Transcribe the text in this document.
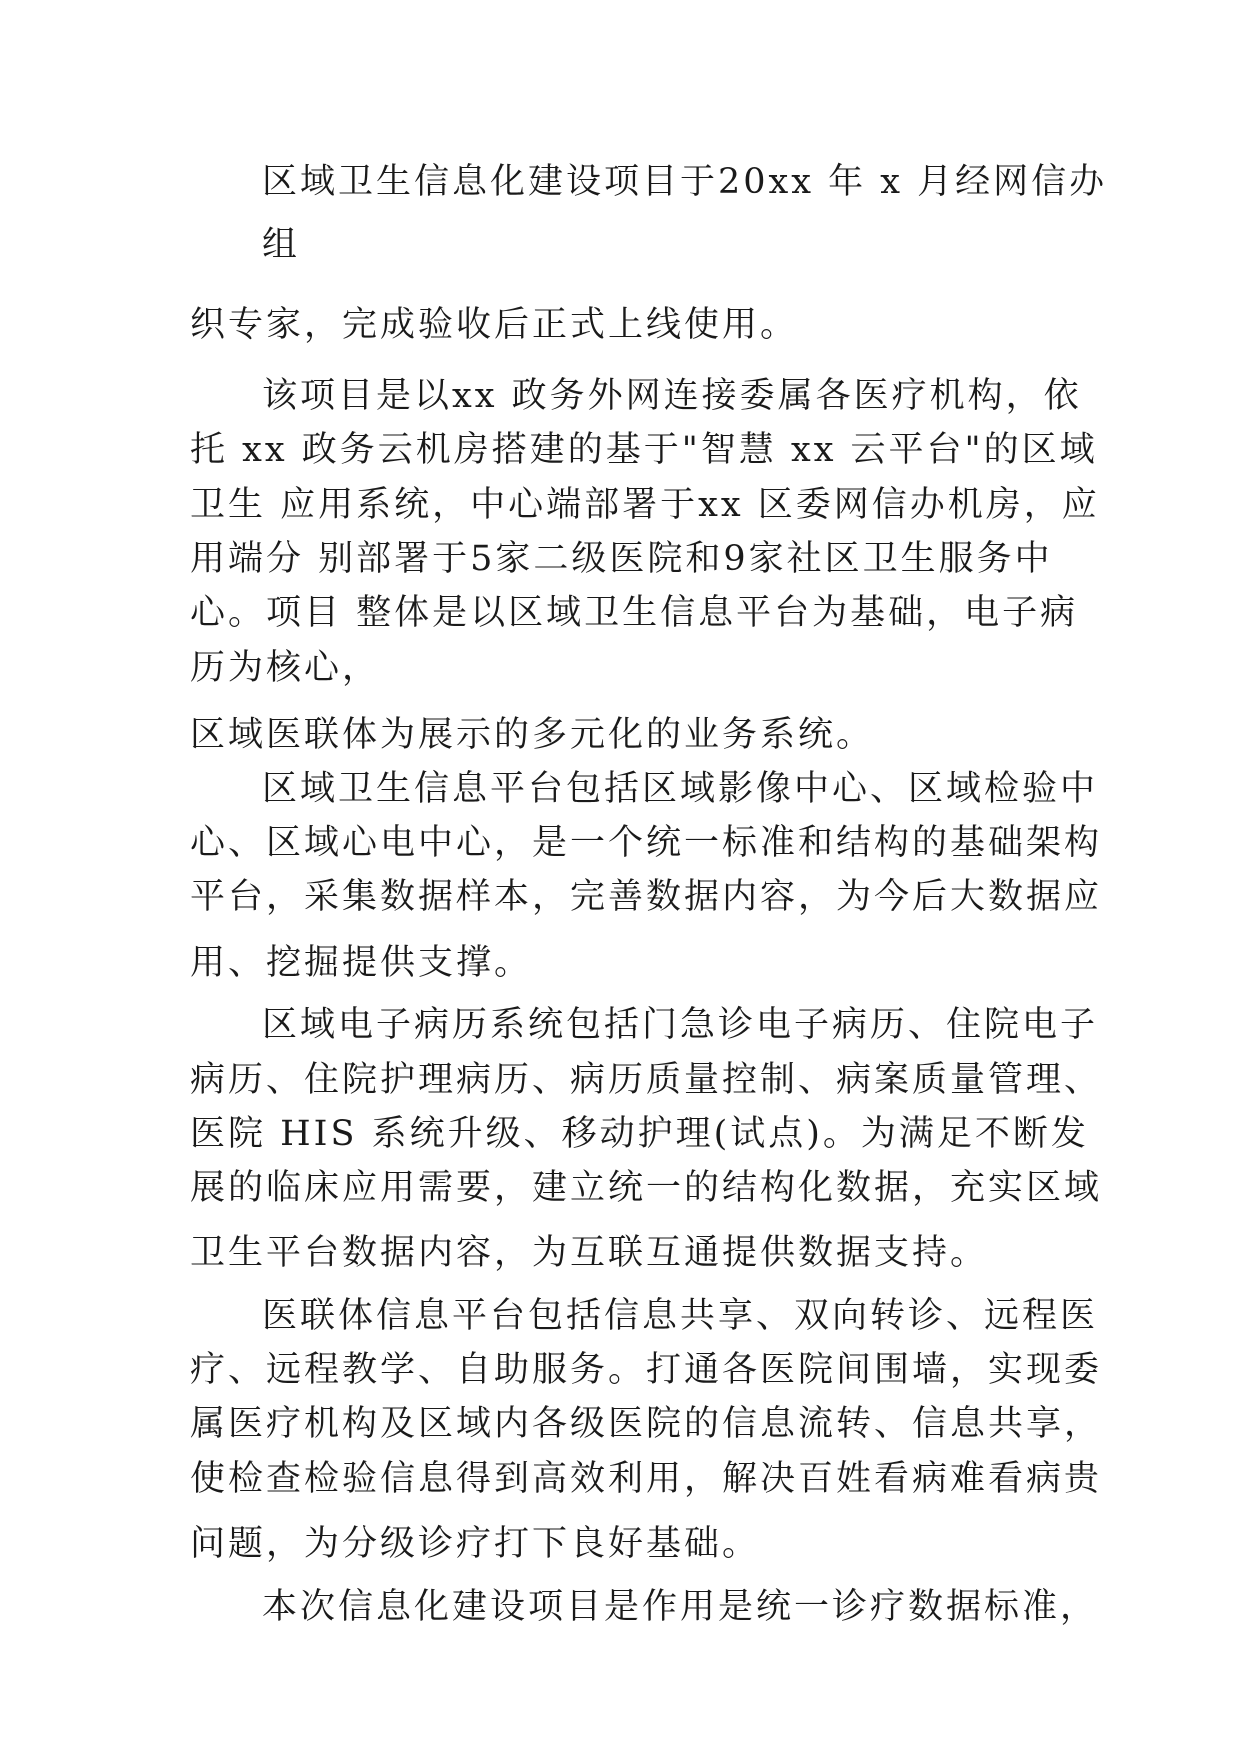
区域卫生信息化建设项目于20xx 年 x 月经网信办
组
织专家，完成验收后正式上线使用。
该项目是以xx 政务外网连接委属各医疗机构，依
托 xx 政务云机房搭建的基于"智慧 xx 云平台"的区域
卫生 应用系统，中心端部署于xx 区委网信办机房，应
用端分 别部署于5家二级医院和9家社区卫生服务中
心。项目 整体是以区域卫生信息平台为基础，电子病
历为核心，
区域医联体为展示的多元化的业务系统。
区域卫生信息平台包括区域影像中心、区域检验中
心、区域心电中心，是一个统一标准和结构的基础架构
平台，采集数据样本，完善数据内容，为今后大数据应
用、挖掘提供支撑。
区域电子病历系统包括门急诊电子病历、住院电子
病历、住院护理病历、病历质量控制、病案质量管理、
医院 HIS 系统升级、移动护理(试点)。为满足不断发
展的临床应用需要，建立统一的结构化数据，充实区域
卫生平台数据内容，为互联互通提供数据支持。
医联体信息平台包括信息共享、双向转诊、远程医
疗、远程教学、自助服务。打通各医院间围墙，实现委
属医疗机构及区域内各级医院的信息流转、信息共享，
使检查检验信息得到高效利用，解决百姓看病难看病贵
问题，为分级诊疗打下良好基础。
本次信息化建设项目是作用是统一诊疗数据标准，
